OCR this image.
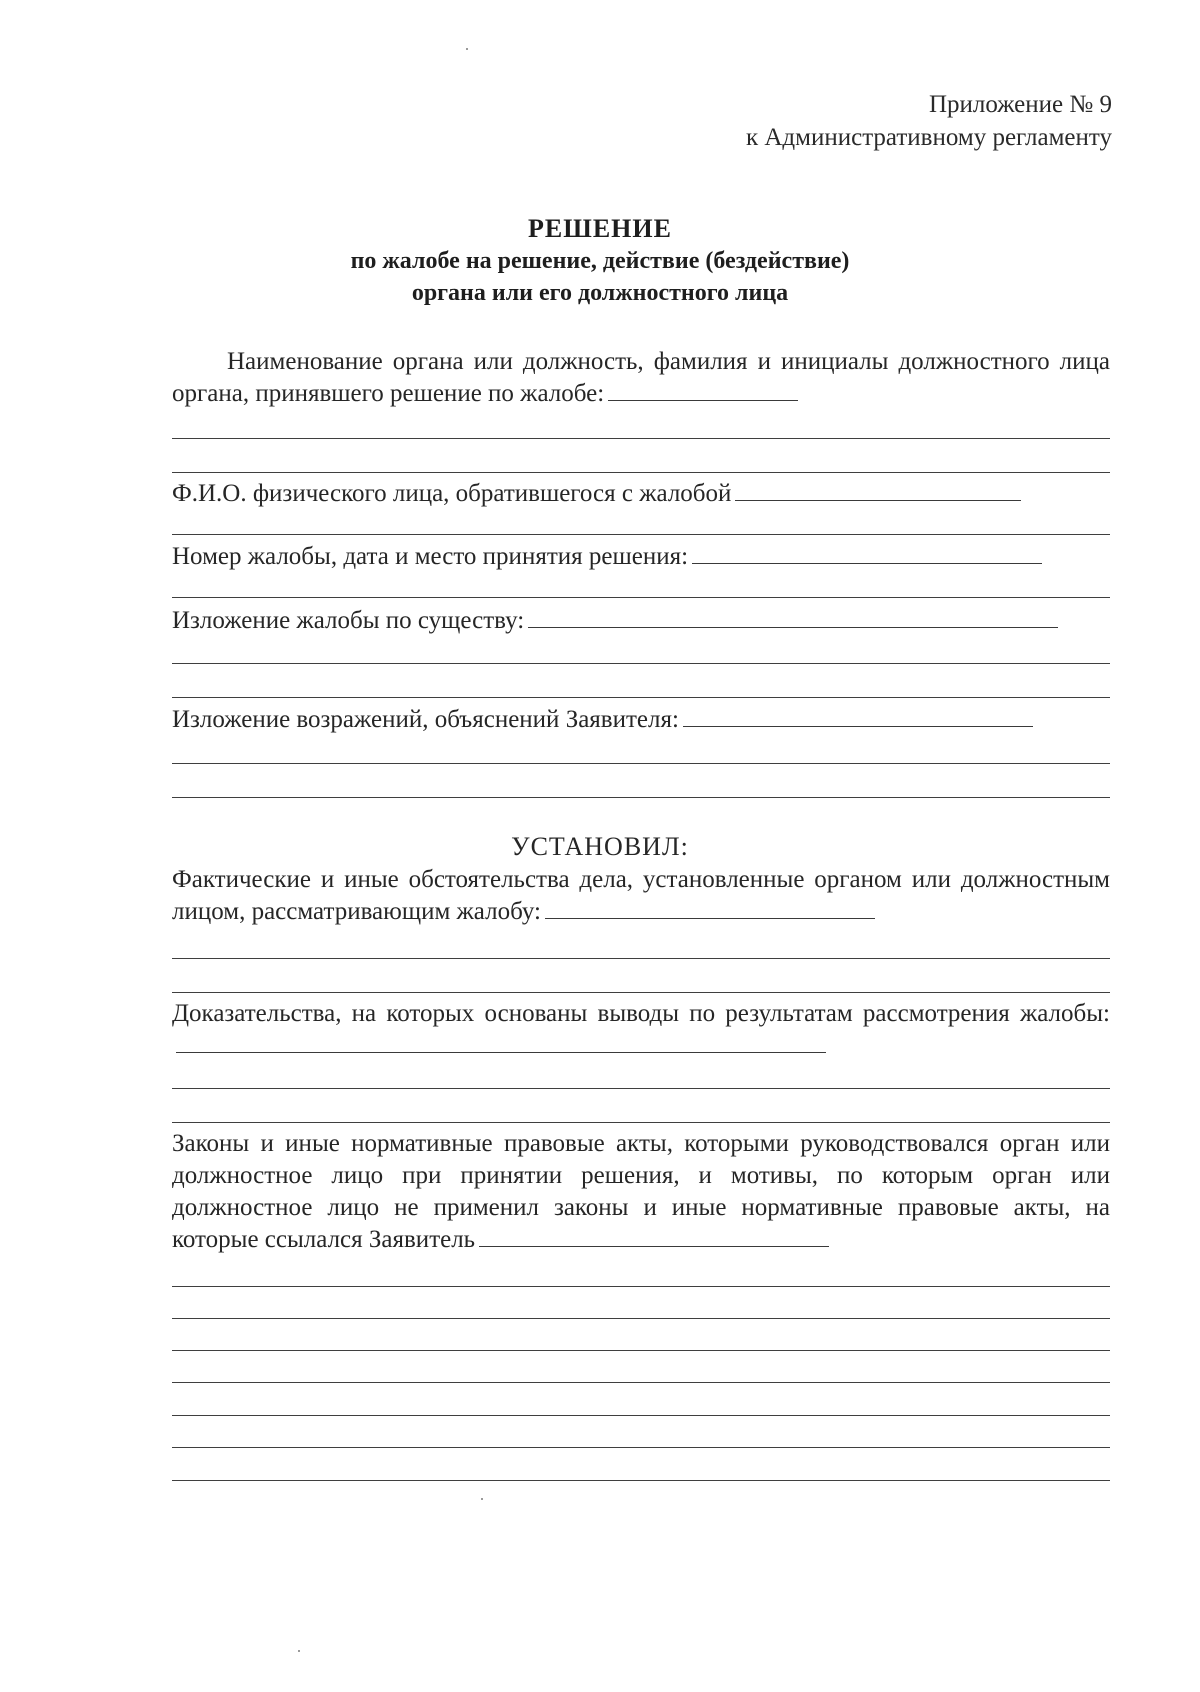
Приложение № 9
к Административному регламенту
РЕШЕНИЕ
по жалобе на решение, действие (бездействие)
органа или его должностного лица
Наименование органа или должность, фамилия и инициалы должностного лица органа, принявшего решение по жалобе:
Ф.И.О. физического лица, обратившегося с жалобой
Номер жалобы, дата и место принятия решения:
Изложение жалобы по существу:
Изложение возражений, объяснений Заявителя:
УСТАНОВИЛ:
Фактические и иные обстоятельства дела, установленные органом или должностным лицом, рассматривающим жалобу:
Доказательства, на которых основаны выводы по результатам рассмотрения жалобы:
Законы и иные нормативные правовые акты, которыми руководствовался орган или должностное лицо при принятии решения, и мотивы, по которым орган или должностное лицо не применил законы и иные нормативные правовые акты, на которые ссылался Заявитель
